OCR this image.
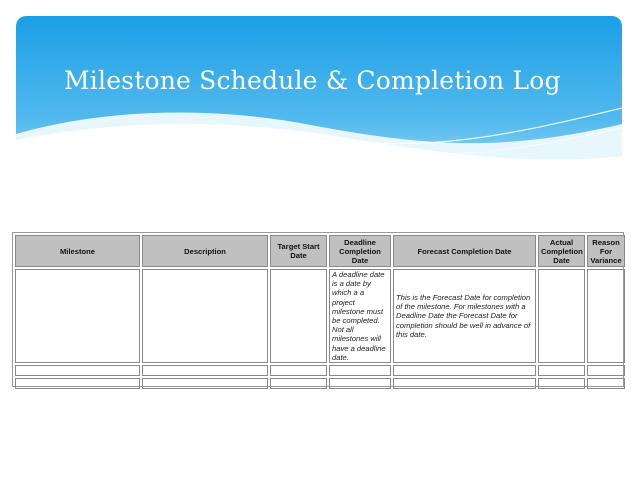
Milestone Schedule & Completion Log
Milestone	Description	Target Start Date	Deadline Completion Date	Forecast Completion Date	Actual Completion Date	Reason For Variance
			A deadline date is a date by which a a project milestone must be completed. Not all milestones will have a deadline date.	This is the Forecast Date for completion of the milestone. For milestones with a Deadline Date the Forecast Date for completion should be well in advance of this date.		
